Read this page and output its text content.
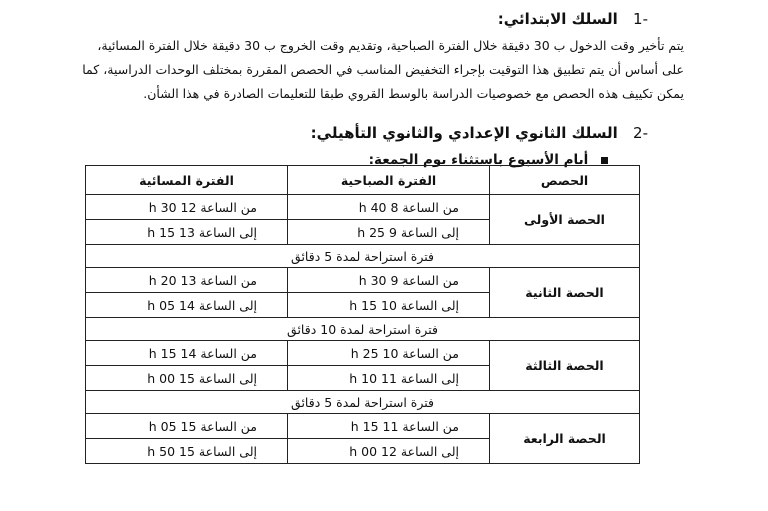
-1 السلك الابتدائي:
يتم تأخير وقت الدخول ب 30 دقيقة خلال الفترة الصباحية، وتقديم وقت الخروج ب 30 دقيقة خلال الفترة المسائية،
على أساس أن يتم تطبيق هذا التوقيت بإجراء التخفيض المناسب في الحصص المقررة بمختلف الوحدات الدراسية، كما
يمكن تكييف هذه الحصص مع خصوصيات الدراسة بالوسط القروي طبقا للتعليمات الصادرة في هذا الشأن.
-2 السلك الثانوي الإعدادي والثانوي التأهيلي:
أيام الأسبوع باستثناء يوم الجمعة:
الحصص	الفترة الصباحية	الفترة المسائية
الحصة الأولى	من الساعة 8 h 40	من الساعة 12 h 30
	إلى الساعة 9 h 25	إلى الساعة 13 h 15
فترة استراحة لمدة 5 دقائق		
الحصة الثانية	من الساعة 9 h 30	من الساعة 13 h 20
	إلى الساعة 10 h 15	إلى الساعة 14 h 05
فترة استراحة لمدة 10 دقائق		
الحصة الثالثة	من الساعة 10 h 25	من الساعة 14 h 15
	إلى الساعة 11 h 10	إلى الساعة 15 h 00
فترة استراحة لمدة 5 دقائق		
الحصة الرابعة	من الساعة 11 h 15	من الساعة 15 h 05
	إلى الساعة 12 h 00	إلى الساعة 15 h 50
